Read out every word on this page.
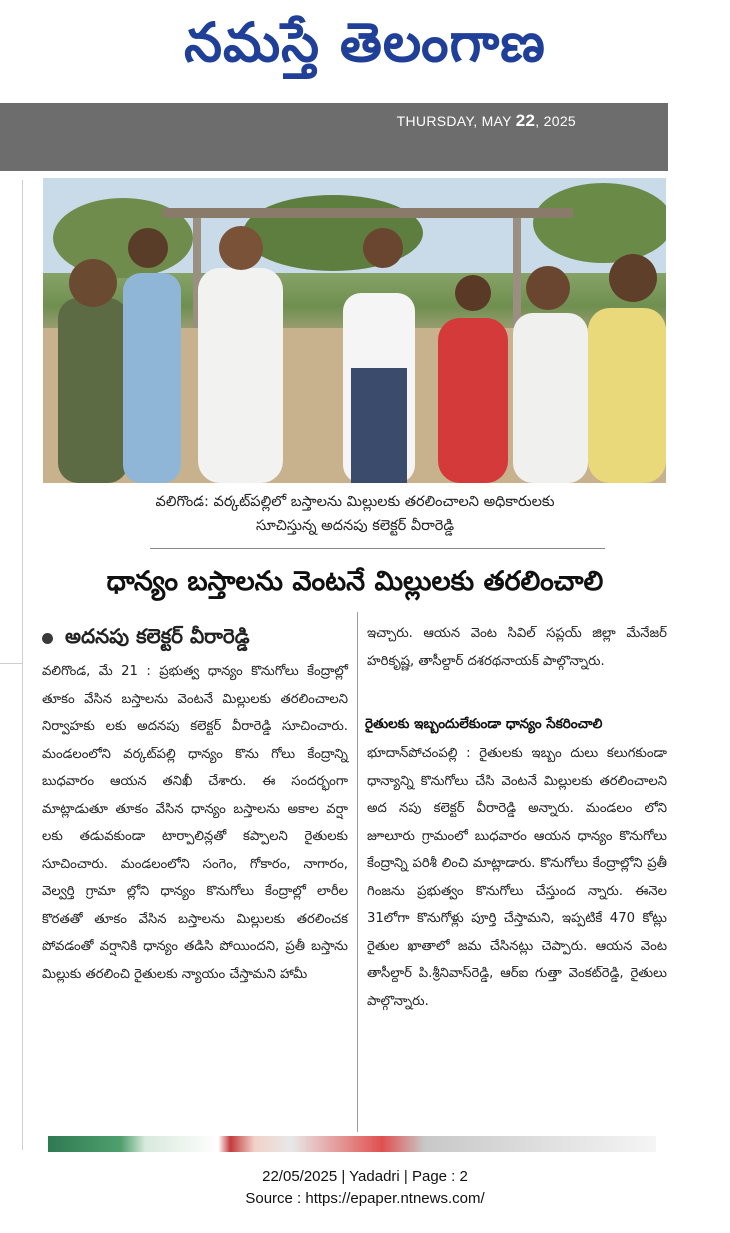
నమస్తే తెలంగాణ
THURSDAY, MAY 22, 2025
వలిగొండ: వర్కట్‌పల్లిలో బస్తాలను మిల్లులకు తరలించాలని అధికారులకు
సూచిస్తున్న అదనపు కలెక్టర్ వీరారెడ్డి
ధాన్యం బస్తాలను వెంటనే మిల్లులకు తరలించాలి
అదనపు కలెక్టర్ వీరారెడ్డి

వలిగొండ, మే 21 : ప్రభుత్వ ధాన్యం కొనుగోలు కేంద్రాల్లో తూకం వేసిన బస్తాలను వెంటనే మిల్లులకు తరలించాలని నిర్వాహకు లకు అదనపు కలెక్టర్ వీరారెడ్డి సూచించారు. మండలంలోని వర్కట్‌పల్లి ధాన్యం కొను గోలు కేంద్రాన్ని బుధవారం ఆయన తనిఖీ చేశారు. ఈ సందర్భంగా మాట్లాడుతూ తూకం వేసిన ధాన్యం బస్తాలను అకాల వర్షా లకు తడువకుండా టార్పాలిన్లతో కప్పాలని రైతులకు సూచించారు. మండలంలోని సంగెం, గోకారం, నాగారం, వెల్వర్తి గ్రామా ల్లోని ధాన్యం కొనుగోలు కేంద్రాల్లో లారీల కొరతతో తూకం వేసిన బస్తాలను మిల్లులకు తరలించక పోవడంతో వర్షానికి ధాన్యం తడిసి పోయిందని, ప్రతీ బస్తాను మిల్లుకు తరలించి రైతులకు న్యాయం చేస్తామని హామీ

ఇచ్చారు. ఆయన వెంట సివిల్ సప్లయ్ జిల్లా మేనేజర్ హరికృష్ణ, తాసీల్దార్ దశరథనాయక్ పాల్గొన్నారు.

రైతులకు ఇబ్బందులేకుండా ధాన్యం సేకరించాలి

భూదాన్‌పోచంపల్లి : రైతులకు ఇబ్బం దులు కలుగకుండా ధాన్యాన్ని కొనుగోలు చేసి వెంటనే మిల్లులకు తరలించాలని అద నపు కలెక్టర్ వీరారెడ్డి అన్నారు. మండలం లోని జూలూరు గ్రామంలో బుధవారం ఆయన ధాన్యం కొనుగోలు కేంద్రాన్ని పరిశీ లించి మాట్లాడారు. కొనుగోలు కేంద్రాల్లోని ప్రతీ గింజను ప్రభుత్వం కొనుగోలు చేస్తుంద న్నారు. ఈనెల 31లోగా కొనుగోళ్లు పూర్తి చేస్తామని, ఇప్పటికే 470 కోట్లు రైతుల ఖాతాలో జమ చేసినట్లు చెప్పారు. ఆయన వెంట తాసీల్దార్ పి.శ్రీనివాస్‌రెడ్డి, ఆర్ఐ గుత్తా వెంకట్‌రెడ్డి, రైతులు పాల్గొన్నారు.

22/05/2025 | Yadadri | Page : 2
Source : https://epaper.ntnews.com/
